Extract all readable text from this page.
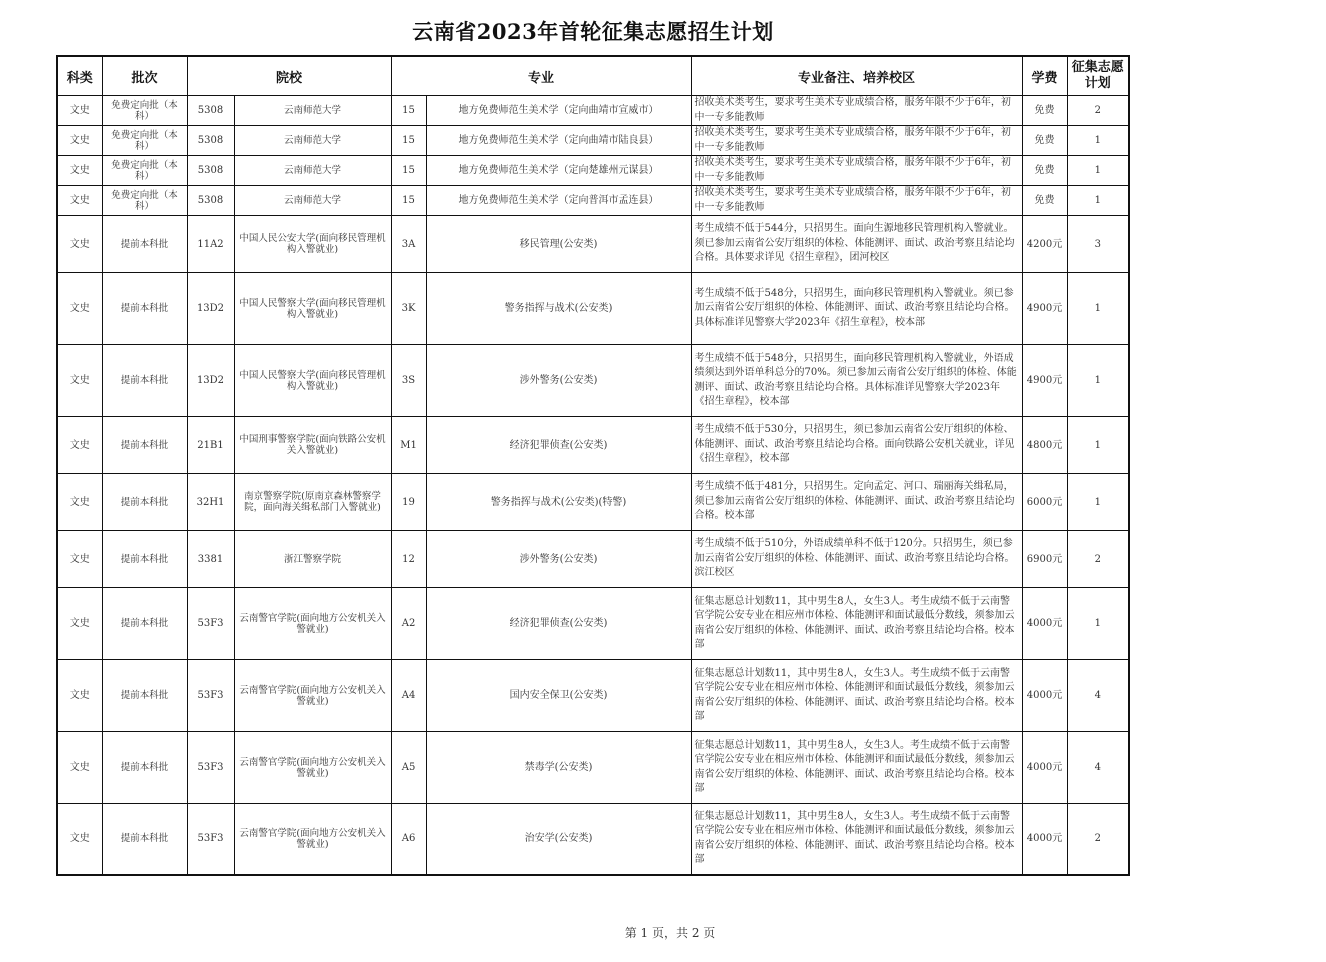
云南省2023年首轮征集志愿招生计划
科类	批次	院校		专业		专业备注、培养校区	学费	征集志愿计划
文史	免费定向批（本科）	5308	云南师范大学	15	地方免费师范生美术学（定向曲靖市宣威市）	招收美术类考生，要求考生美术专业成绩合格，服务年限不少于6年，初中一专多能教师	免费	2
文史	免费定向批（本科）	5308	云南师范大学	15	地方免费师范生美术学（定向曲靖市陆良县）	招收美术类考生，要求考生美术专业成绩合格，服务年限不少于6年，初中一专多能教师	免费	1
文史	免费定向批（本科）	5308	云南师范大学	15	地方免费师范生美术学（定向楚雄州元谋县）	招收美术类考生，要求考生美术专业成绩合格，服务年限不少于6年，初中一专多能教师	免费	1
文史	免费定向批（本科）	5308	云南师范大学	15	地方免费师范生美术学（定向普洱市孟连县）	招收美术类考生，要求考生美术专业成绩合格，服务年限不少于6年，初中一专多能教师	免费	1
文史	提前本科批	11A2	中国人民公安大学(面向移民管理机构入警就业)	3A	移民管理(公安类)	考生成绩不低于544分，只招男生。面向生源地移民管理机构入警就业。须已参加云南省公安厅组织的体检、体能测评、面试、政治考察且结论均合格。具体要求详见《招生章程》，团河校区	4200元	3
文史	提前本科批	13D2	中国人民警察大学(面向移民管理机构入警就业)	3K	警务指挥与战术(公安类)	考生成绩不低于548分，只招男生，面向移民管理机构入警就业。须已参加云南省公安厅组织的体检、体能测评、面试、政治考察且结论均合格。具体标准详见警察大学2023年《招生章程》，校本部	4900元	1
文史	提前本科批	13D2	中国人民警察大学(面向移民管理机构入警就业)	3S	涉外警务(公安类)	考生成绩不低于548分，只招男生，面向移民管理机构入警就业，外语成绩须达到外语单科总分的70%。须已参加云南省公安厅组织的体检、体能测评、面试、政治考察且结论均合格。具体标准详见警察大学2023年《招生章程》，校本部	4900元	1
文史	提前本科批	21B1	中国刑事警察学院(面向铁路公安机关入警就业)	M1	经济犯罪侦查(公安类)	考生成绩不低于530分，只招男生，须已参加云南省公安厅组织的体检、体能测评、面试、政治考察且结论均合格。面向铁路公安机关就业，详见《招生章程》，校本部	4800元	1
文史	提前本科批	32H1	南京警察学院(原南京森林警察学院，面向海关缉私部门入警就业)	19	警务指挥与战术(公安类)(特警)	考生成绩不低于481分，只招男生。定向孟定、河口、瑞丽海关缉私局，须已参加云南省公安厅组织的体检、体能测评、面试、政治考察且结论均合格。校本部	6000元	1
文史	提前本科批	3381	浙江警察学院	12	涉外警务(公安类)	考生成绩不低于510分，外语成绩单科不低于120分。只招男生，须已参加云南省公安厅组织的体检、体能测评、面试、政治考察且结论均合格。滨江校区	6900元	2
文史	提前本科批	53F3	云南警官学院(面向地方公安机关入警就业)	A2	经济犯罪侦查(公安类)	征集志愿总计划数11，其中男生8人，女生3人。考生成绩不低于云南警官学院公安专业在相应州市体检、体能测评和面试最低分数线，须参加云南省公安厅组织的体检、体能测评、面试、政治考察且结论均合格。校本部	4000元	1
文史	提前本科批	53F3	云南警官学院(面向地方公安机关入警就业)	A4	国内安全保卫(公安类)	征集志愿总计划数11，其中男生8人，女生3人。考生成绩不低于云南警官学院公安专业在相应州市体检、体能测评和面试最低分数线，须参加云南省公安厅组织的体检、体能测评、面试、政治考察且结论均合格。校本部	4000元	4
文史	提前本科批	53F3	云南警官学院(面向地方公安机关入警就业)	A5	禁毒学(公安类)	征集志愿总计划数11，其中男生8人，女生3人。考生成绩不低于云南警官学院公安专业在相应州市体检、体能测评和面试最低分数线，须参加云南省公安厅组织的体检、体能测评、面试、政治考察且结论均合格。校本部	4000元	4
文史	提前本科批	53F3	云南警官学院(面向地方公安机关入警就业)	A6	治安学(公安类)	征集志愿总计划数11，其中男生8人，女生3人。考生成绩不低于云南警官学院公安专业在相应州市体检、体能测评和面试最低分数线，须参加云南省公安厅组织的体检、体能测评、面试、政治考察且结论均合格。校本部	4000元	2
第 1 页，共 2 页
